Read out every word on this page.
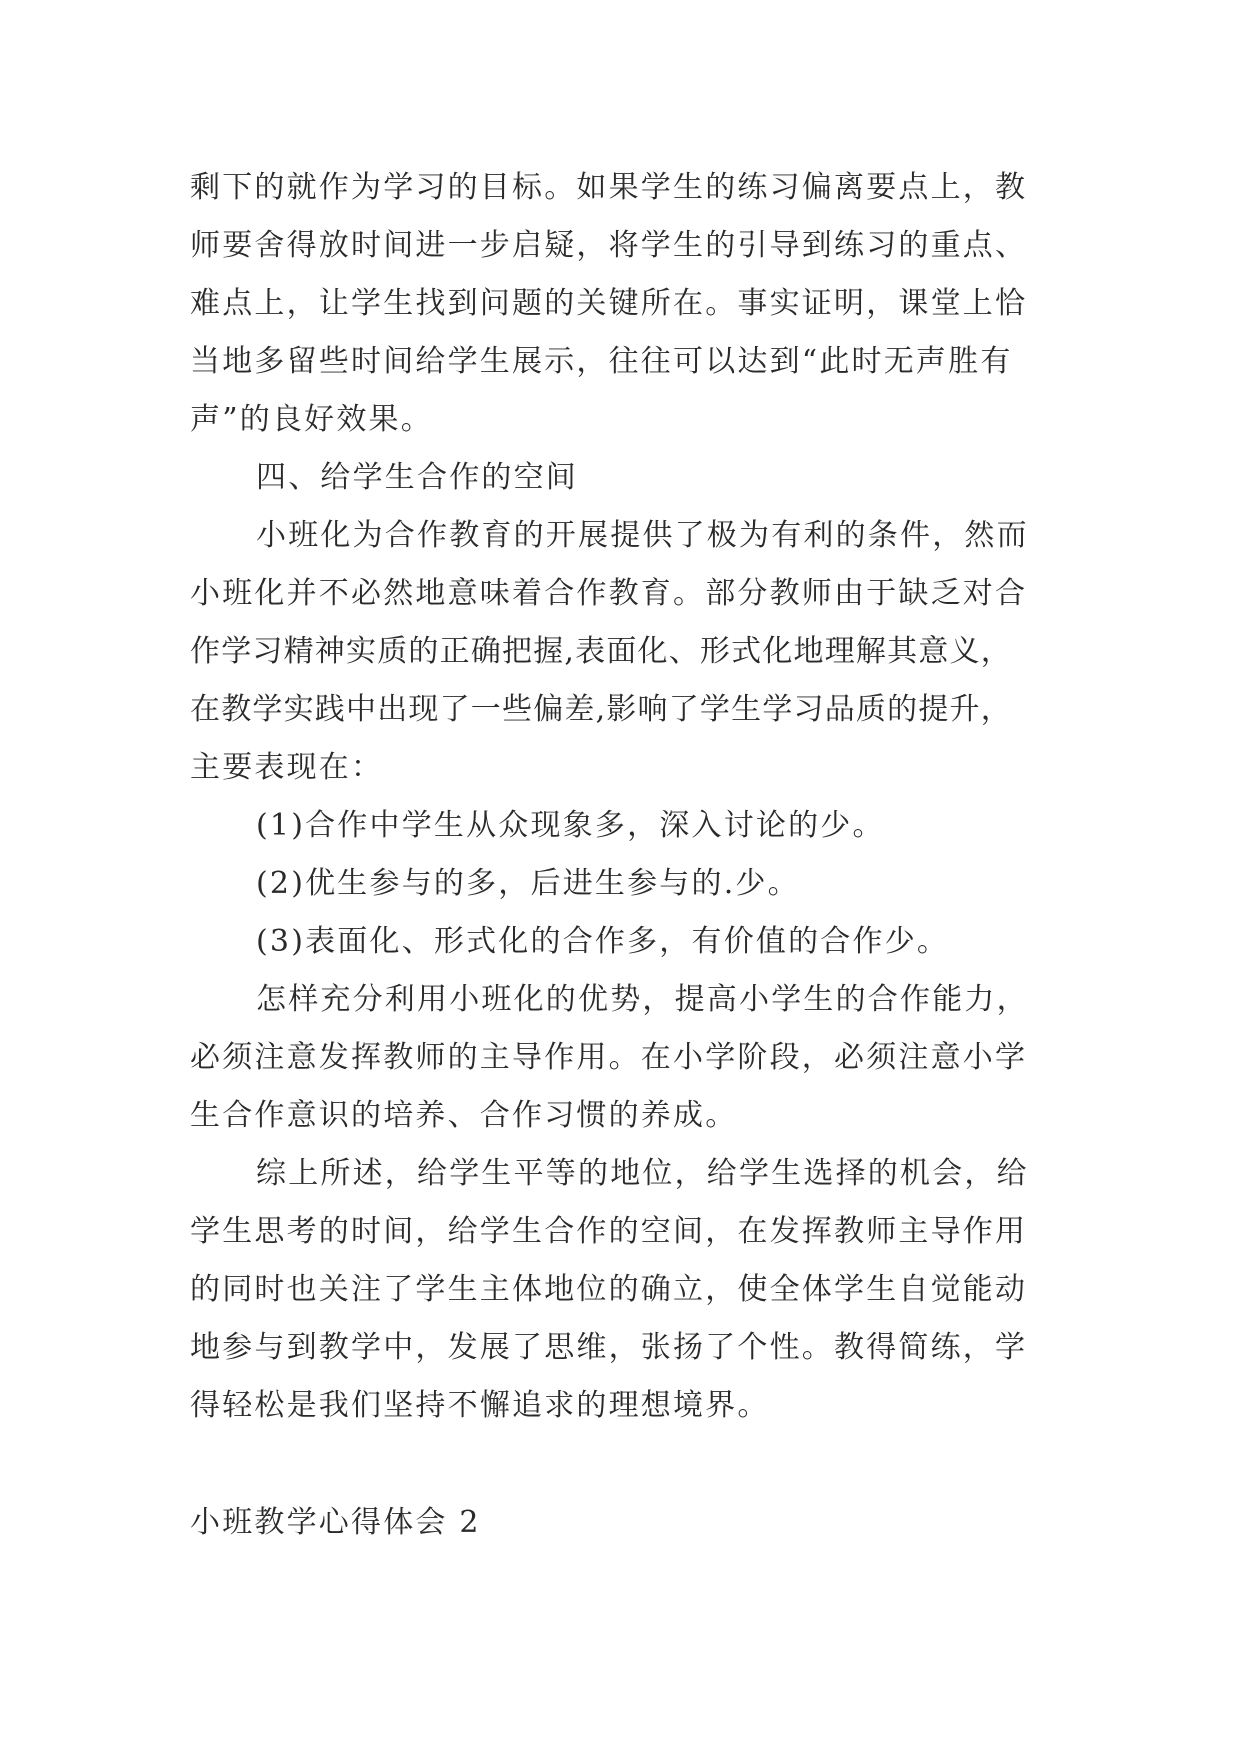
剩下的就作为学习的目标。如果学生的练习偏离要点上，教
师要舍得放时间进一步启疑，将学生的引导到练习的重点、
难点上，让学生找到问题的关键所在。事实证明，课堂上恰
当地多留些时间给学生展示，往往可以达到“此时无声胜有
声”的良好效果。
四、给学生合作的空间
小班化为合作教育的开展提供了极为有利的条件，然而
小班化并不必然地意味着合作教育。部分教师由于缺乏对合
作学习精神实质的正确把握,表面化、形式化地理解其意义，
在教学实践中出现了一些偏差,影响了学生学习品质的提升，
主要表现在：
(1)合作中学生从众现象多，深入讨论的少。
(2)优生参与的多，后进生参与的.少。
(3)表面化、形式化的合作多，有价值的合作少。
怎样充分利用小班化的优势，提高小学生的合作能力，
必须注意发挥教师的主导作用。在小学阶段，必须注意小学
生合作意识的培养、合作习惯的养成。
综上所述，给学生平等的地位，给学生选择的机会，给
学生思考的时间，给学生合作的空间，在发挥教师主导作用
的同时也关注了学生主体地位的确立，使全体学生自觉能动
地参与到教学中，发展了思维，张扬了个性。教得简练，学
得轻松是我们坚持不懈追求的理想境界。
小班教学心得体会 2
